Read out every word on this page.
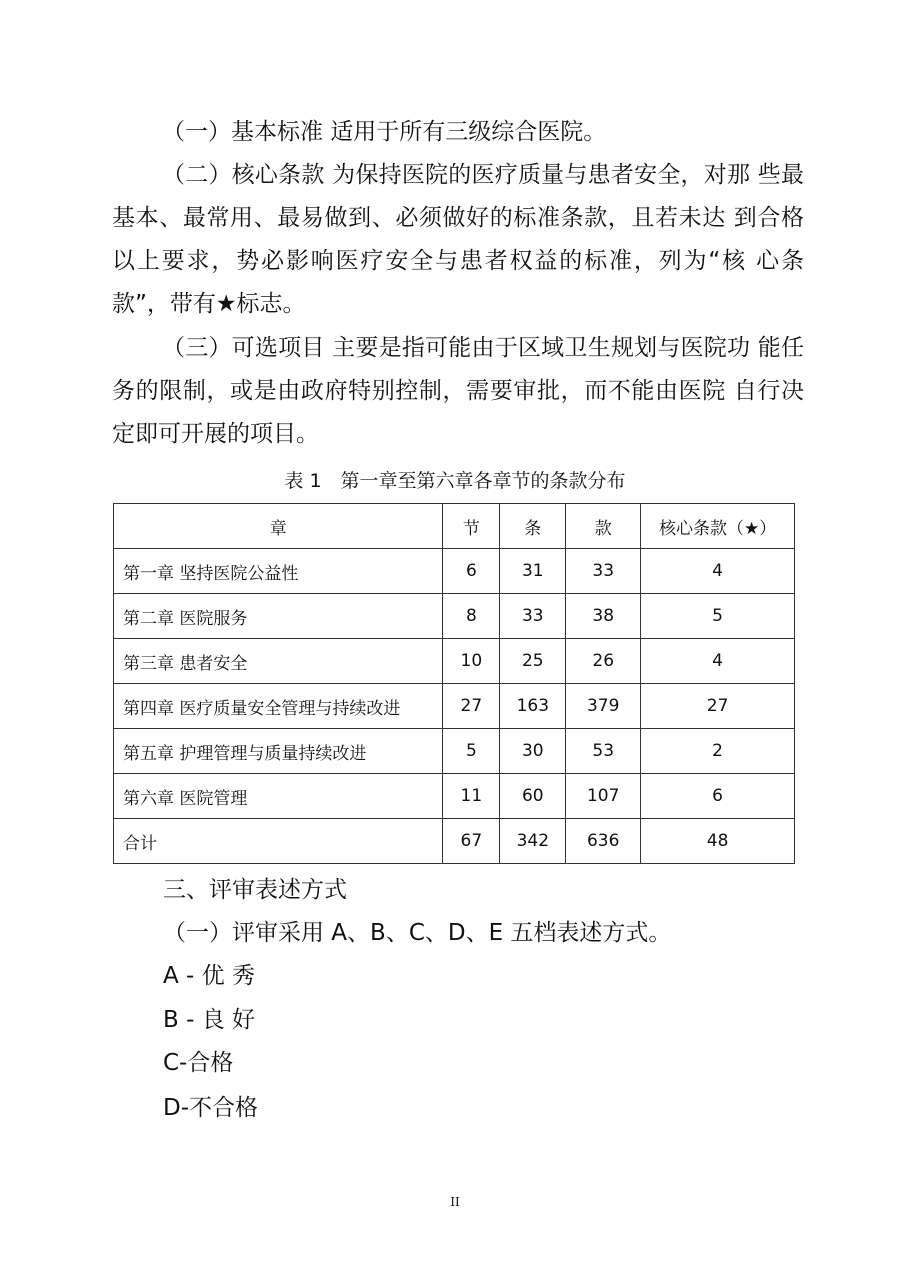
（一）基本标准 适用于所有三级综合医院。

（二）核心条款 为保持医院的医疗质量与患者安全，对那 些最基本、最常用、最易做到、必须做好的标准条款，且若未达 到合格以上要求，势必影响医疗安全与患者权益的标准，列为“核 心条款”，带有★标志。

（三）可选项目 主要是指可能由于区域卫生规划与医院功 能任务的限制，或是由政府特别控制，需要审批，而不能由医院 自行决定即可开展的项目。

表 1　第一章至第六章各章节的条款分布

章	节	条	款	核心条款（★）
第一章 坚持医院公益性	6	31	33	4
第二章 医院服务	8	33	38	5
第三章 患者安全	10	25	26	4
第四章 医疗质量安全管理与持续改进	27	163	379	27
第五章 护理管理与质量持续改进	5	30	53	2
第六章 医院管理	11	60	107	6
合计	67	342	636	48

三、评审表述方式

（一）评审采用 A、B、C、D、E 五档表述方式。

A - 优 秀

B - 良 好

C-合格

D-不合格

II
